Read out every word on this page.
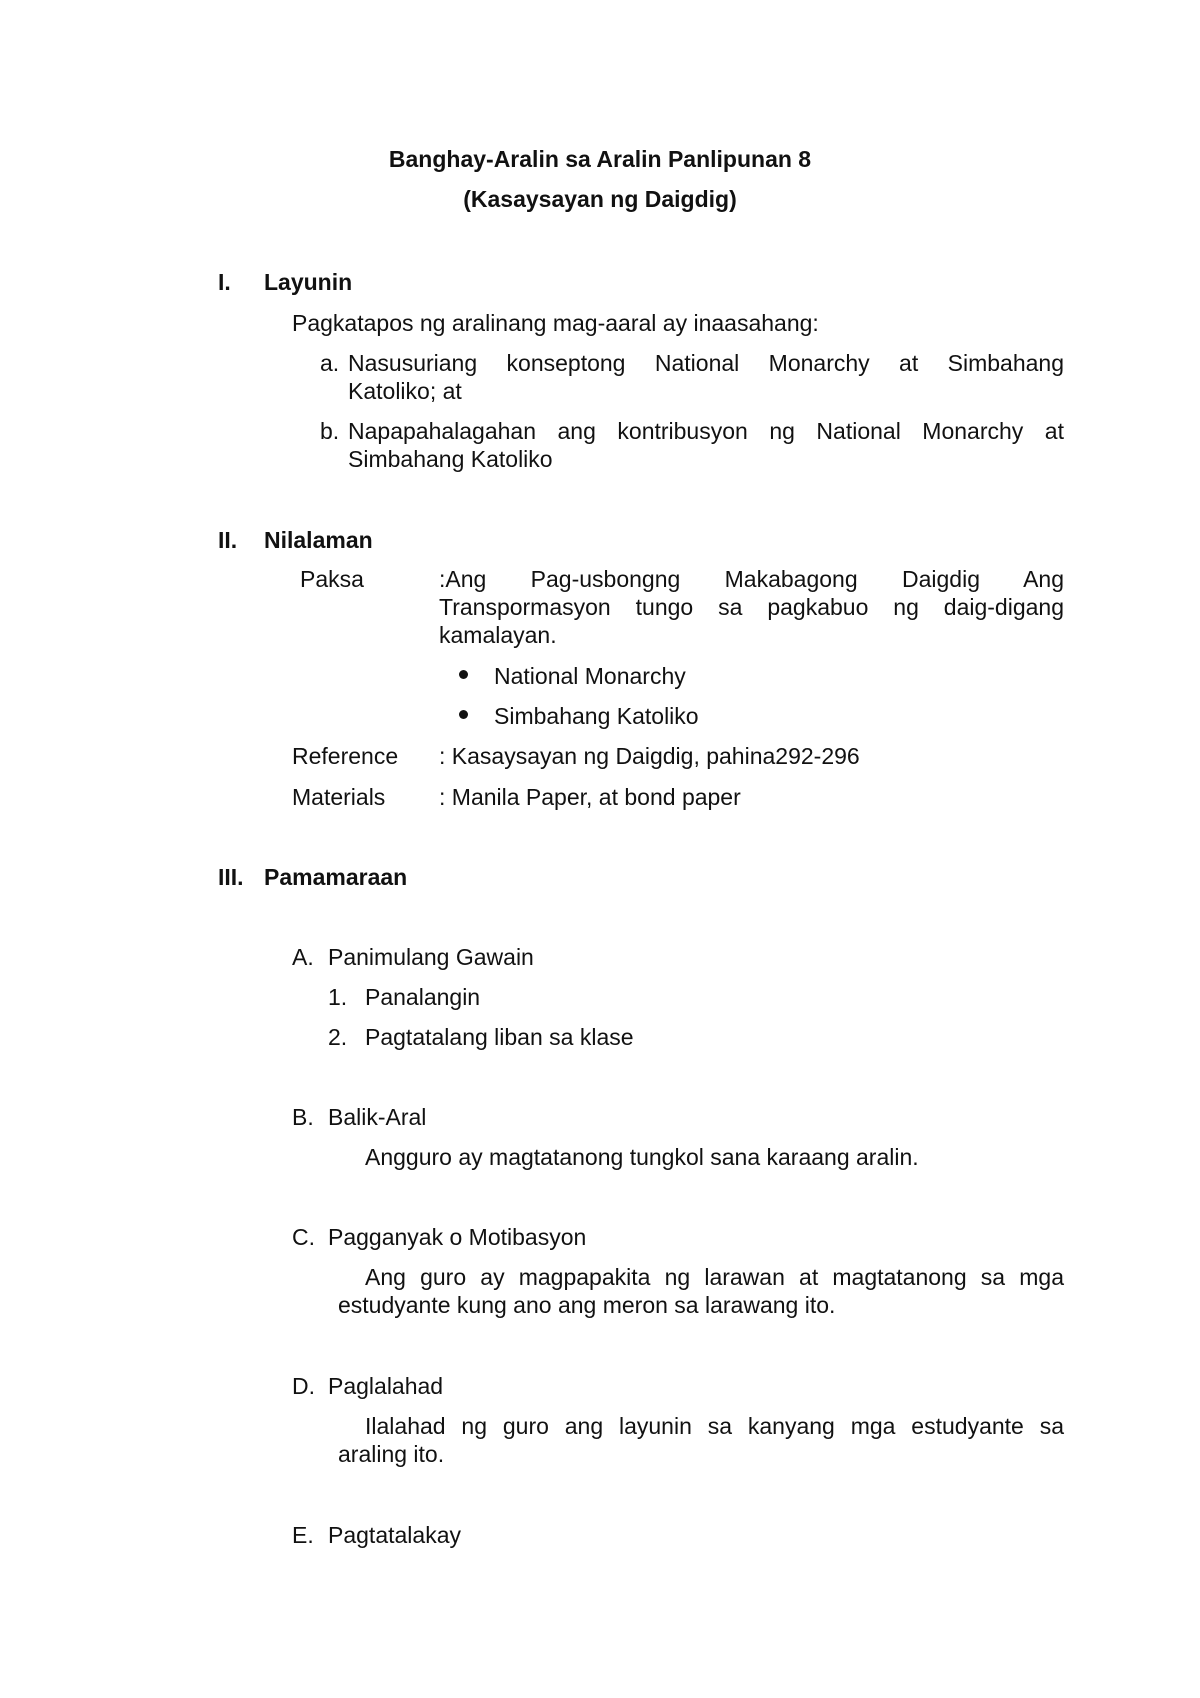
Banghay-Aralin sa Aralin Panlipunan 8
(Kasaysayan ng Daigdig)
I. Layunin
Pagkatapos ng aralinang mag-aaral ay inaasahang:
a. Nasusuriang konseptong National Monarchy at Simbahang
Katoliko; at
b. Napapahalagahan ang kontribusyon ng National Monarchy at
Simbahang Katoliko
II. Nilalaman
Paksa	:Ang Pag-usbongng Makabagong Daigdig Ang
Transpormasyon tungo sa pagkabuo ng daig-digang
kamalayan.
National Monarchy
Simbahang Katoliko
Reference : Kasaysayan ng Daigdig, pahina292-296
Materials : Manila Paper, at bond paper
III. Pamamaraan
A. Panimulang Gawain
1. Panalangin
2. Pagtatalang liban sa klase
B. Balik-Aral
Angguro ay magtatanong tungkol sana karaang aralin.
C. Pagganyak o Motibasyon
Ang guro ay magpapakita ng larawan at magtatanong sa mga
estudyante kung ano ang meron sa larawang ito.
D. Paglalahad
Ilalahad ng guro ang layunin sa kanyang mga estudyante sa
araling ito.
E. Pagtatalakay
